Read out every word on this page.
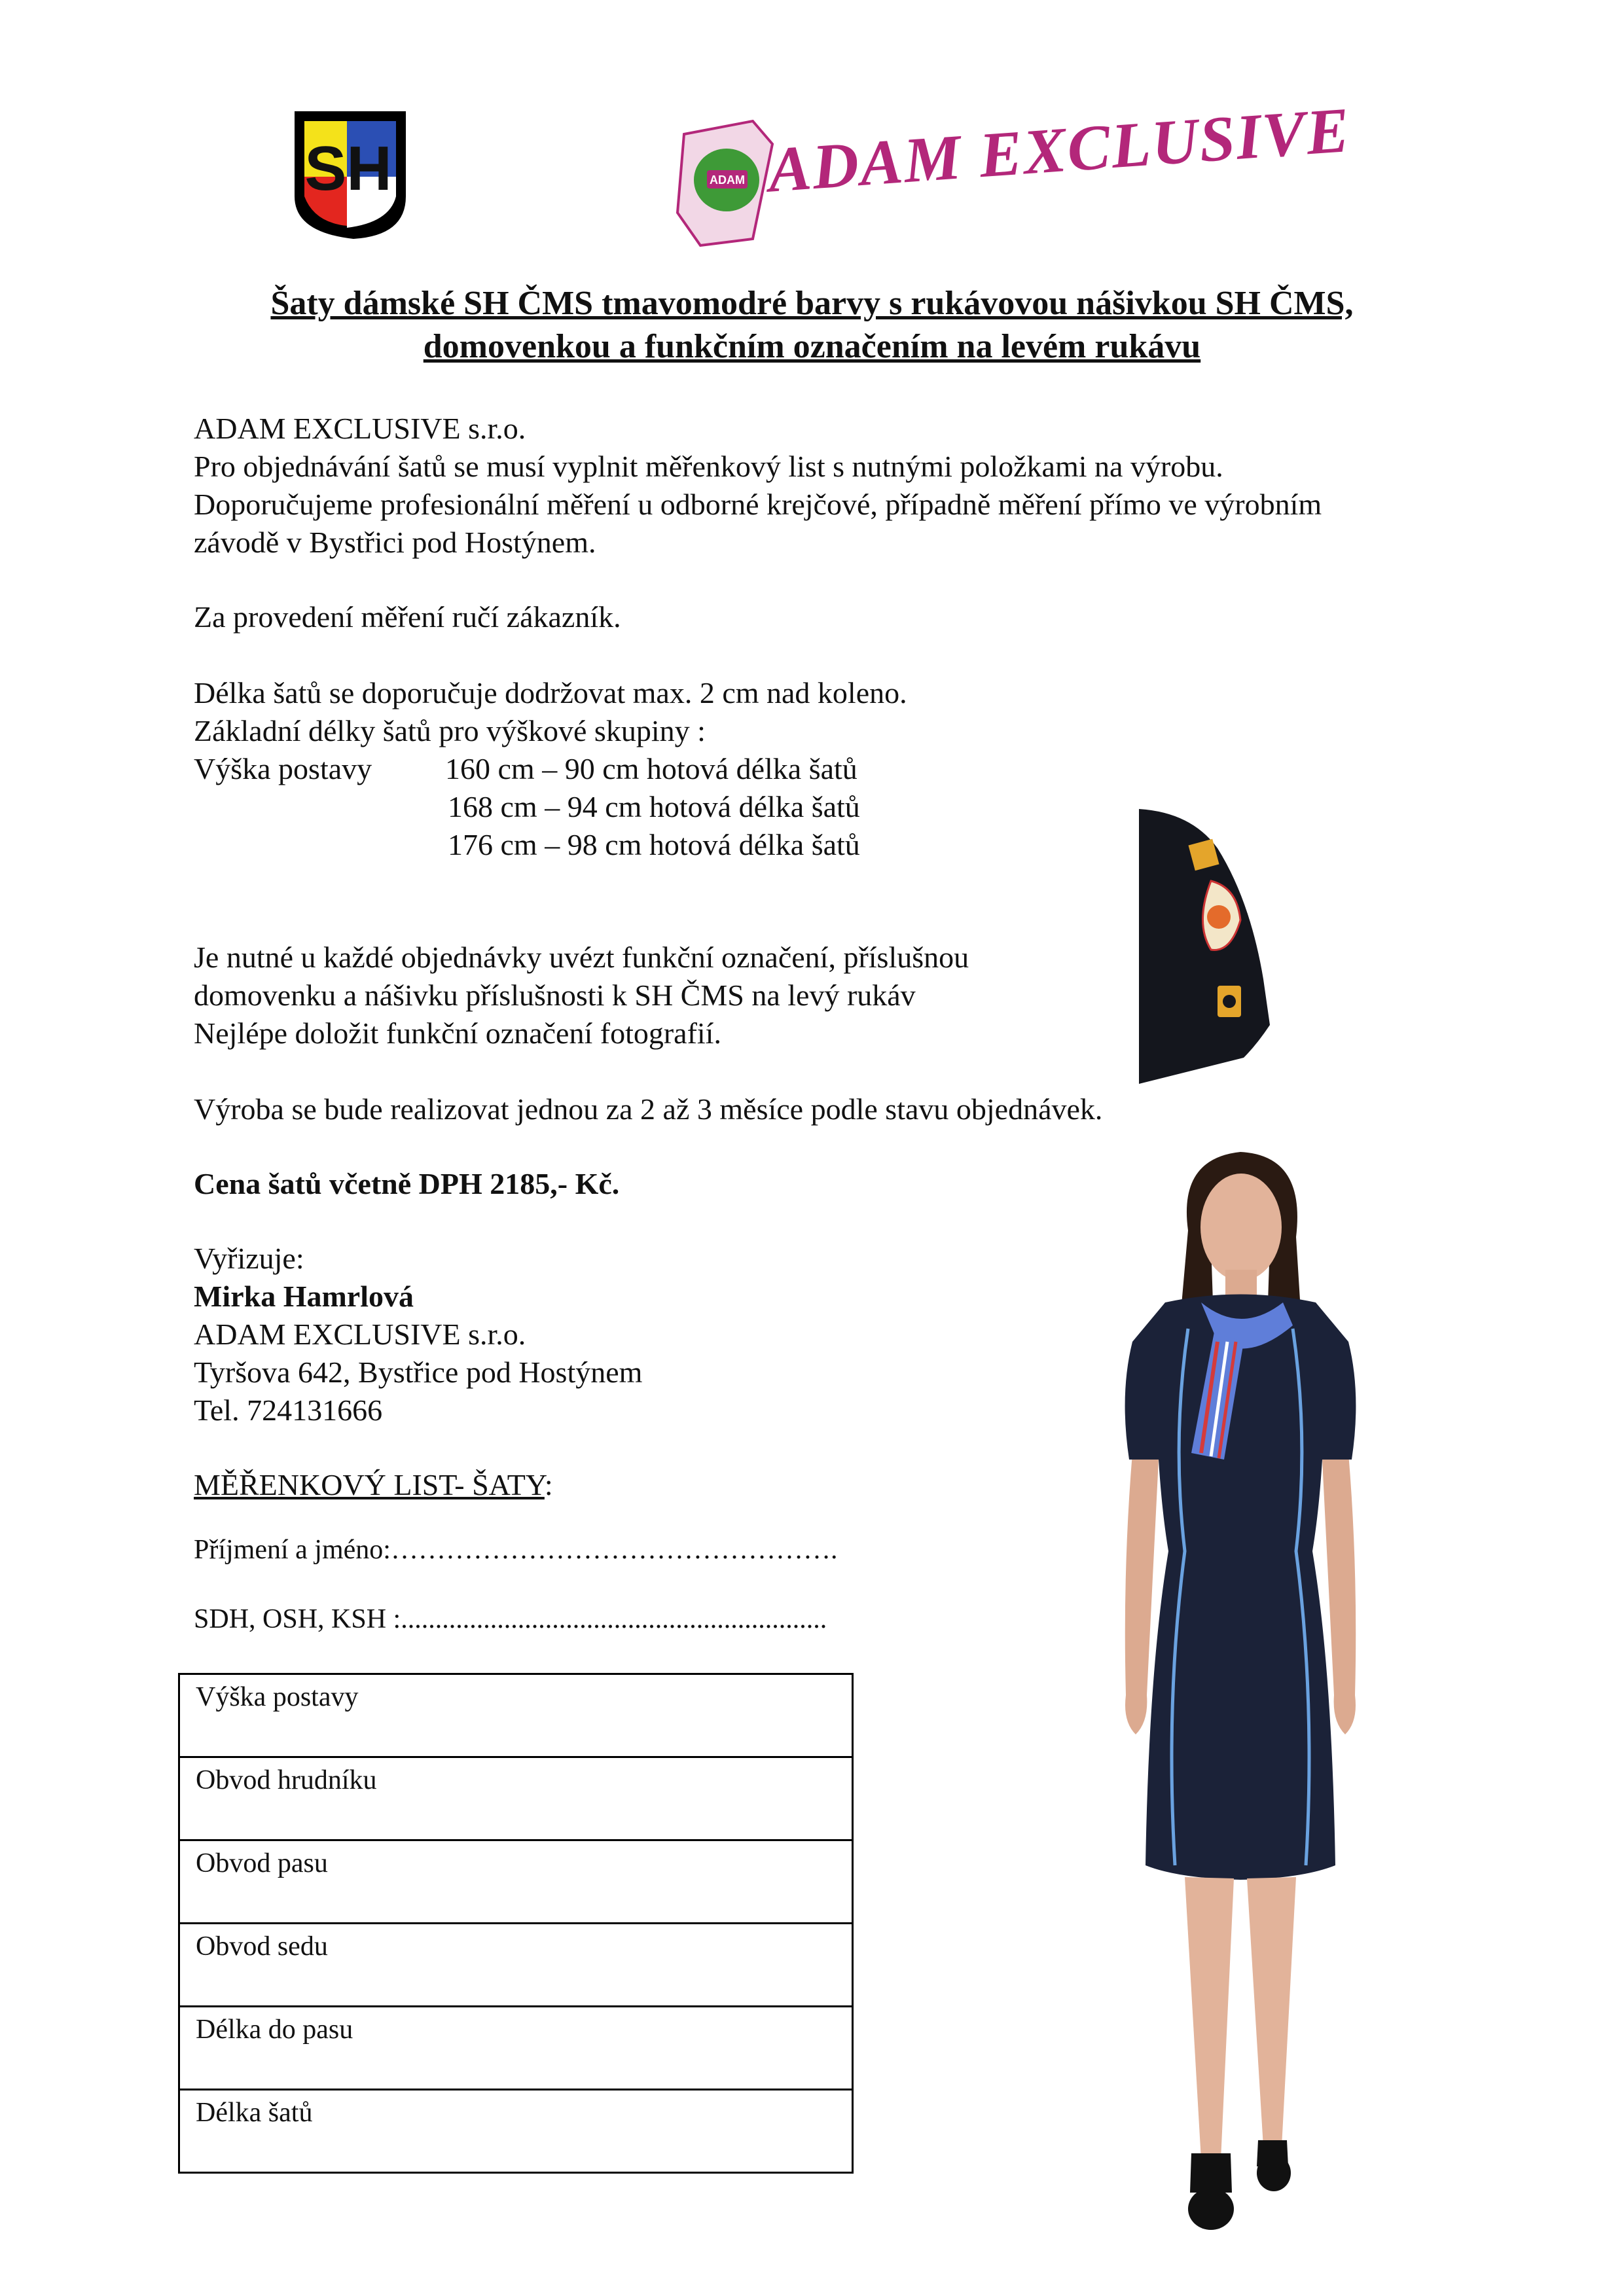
SH	ADAM ADAM EXCLUSIVE
Šaty dámské SH ČMS tmavomodré barvy s rukávovou nášivkou SH ČMS,
domovenkou a funkčním označením na levém rukávu
ADAM EXCLUSIVE s.r.o.
Pro objednávání šatů se musí vyplnit měřenkový list s nutnými položkami na výrobu.
Doporučujeme profesionální měření u odborné krejčové, případně měření přímo ve výrobním
závodě v Bystřici pod Hostýnem.
Za provedení měření ručí zákazník.
Délka šatů se doporučuje dodržovat max. 2 cm nad koleno.
Základní délky šatů pro výškové skupiny :
Výška postavy 160 cm – 90 cm hotová délka šatů
168 cm – 94 cm hotová délka šatů
176 cm – 98 cm hotová délka šatů
Je nutné u každé objednávky uvézt funkční označení, příslušnou
domovenku a nášivku příslušnosti k SH ČMS na levý rukáv
Nejlépe doložit funkční označení fotografií.
Výroba se bude realizovat jednou za 2 až 3 měsíce podle stavu objednávek.
Cena šatů včetně DPH 2185,- Kč.
Vyřizuje:
Mirka Hamrlová
ADAM EXCLUSIVE s.r.o.
Tyršova 642, Bystřice pod Hostýnem
Tel. 724131666
MĚŘENKOVÝ LIST- ŠATY:
Příjmení a jméno:………………………………………….
SDH, OSH, KSH :..............................................................
Výška postavy
Obvod hrudníku
Obvod pasu
Obvod sedu
Délka do pasu
Délka šatů
